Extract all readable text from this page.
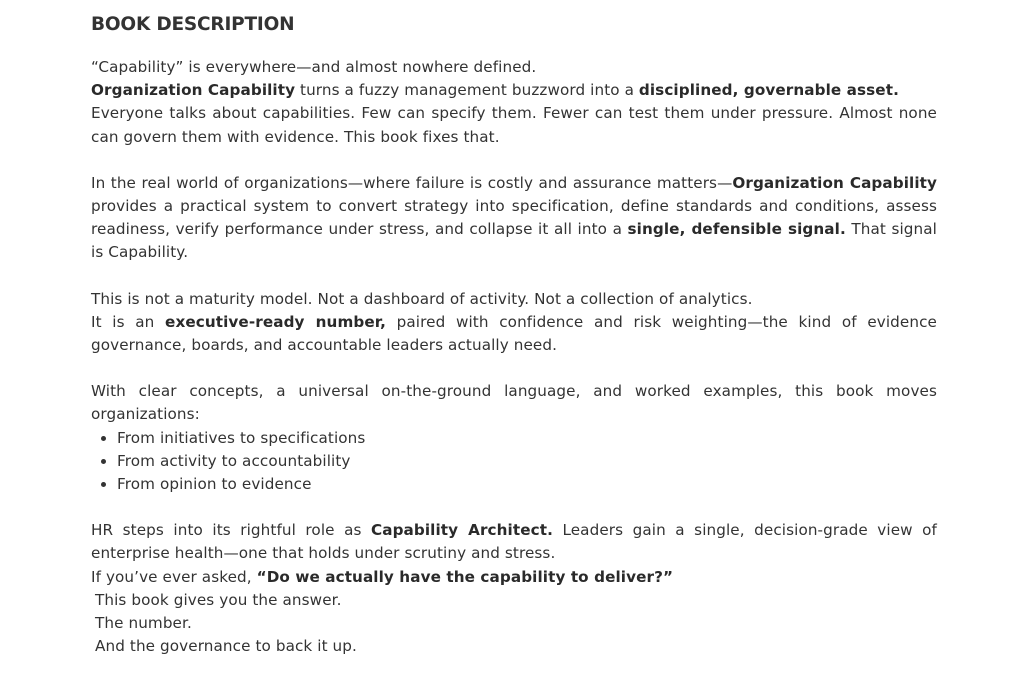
BOOK DESCRIPTION

“Capability” is everywhere—and almost nowhere defined.

Organization Capability turns a fuzzy management buzzword into a disciplined, governable asset.

Everyone talks about capabilities. Few can specify them. Fewer can test them under pressure. Almost none can govern them with evidence. This book fixes that.

In the real world of organizations—where failure is costly and assurance matters—Organization Capability provides a practical system to convert strategy into specification, define standards and conditions, assess readiness, verify performance under stress, and collapse it all into a single, defensible signal. That signal is Capability.

This is not a maturity model. Not a dashboard of activity. Not a collection of analytics.

It is an executive-ready number, paired with confidence and risk weighting—the kind of evidence governance, boards, and accountable leaders actually need.

With clear concepts, a universal on-the-ground language, and worked examples, this book moves organizations:

• From initiatives to specifications
• From activity to accountability
• From opinion to evidence

HR steps into its rightful role as Capability Architect. Leaders gain a single, decision-grade view of enterprise health—one that holds under scrutiny and stress.

If you’ve ever asked, “Do we actually have the capability to deliver?”

This book gives you the answer.

The number.

And the governance to back it up.
